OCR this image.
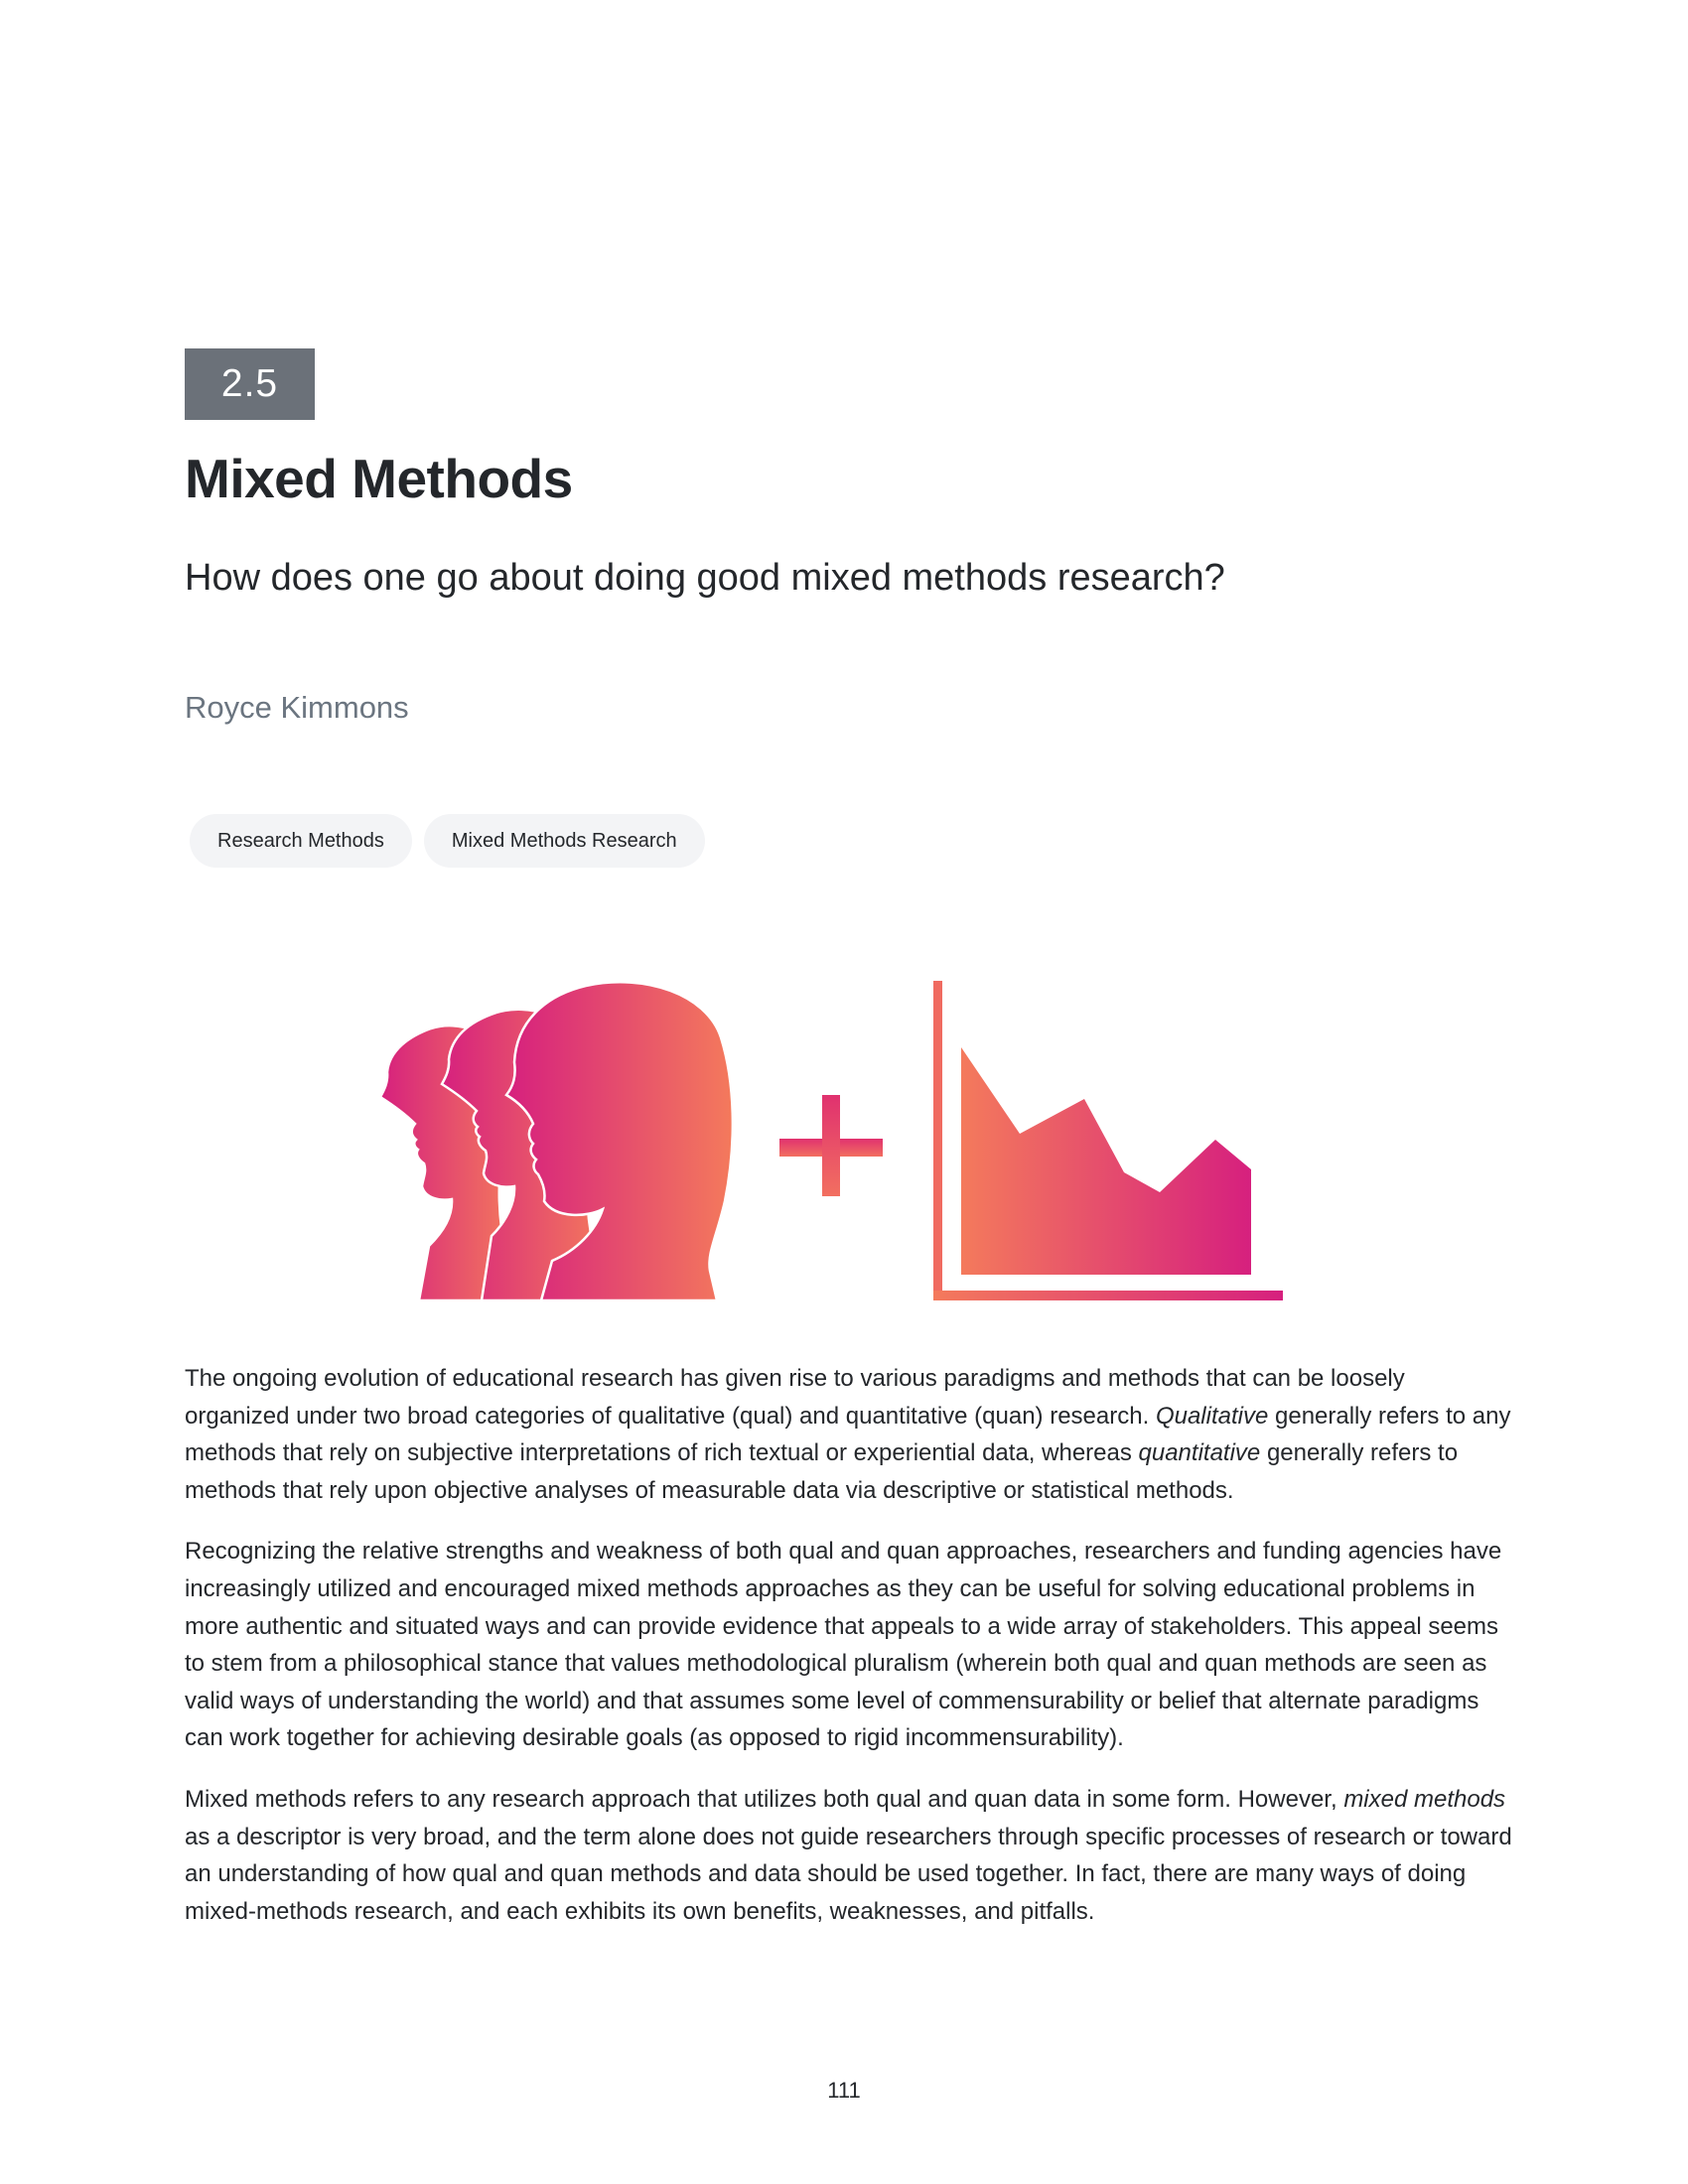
2.5
Mixed Methods
How does one go about doing good mixed methods research?
Royce Kimmons
Research Methods	Mixed Methods Research

The ongoing evolution of educational research has given rise to various paradigms and methods that can be loosely organized under two broad categories of qualitative (qual) and quantitative (quan) research. Qualitative generally refers to any methods that rely on subjective interpretations of rich textual or experiential data, whereas quantitative generally refers to methods that rely upon objective analyses of measurable data via descriptive or statistical methods.

Recognizing the relative strengths and weakness of both qual and quan approaches, researchers and funding agencies have increasingly utilized and encouraged mixed methods approaches as they can be useful for solving educational problems in more authentic and situated ways and can provide evidence that appeals to a wide array of stakeholders. This appeal seems to stem from a philosophical stance that values methodological pluralism (wherein both qual and quan methods are seen as valid ways of understanding the world) and that assumes some level of commensurability or belief that alternate paradigms can work together for achieving desirable goals (as opposed to rigid incommensurability).

Mixed methods refers to any research approach that utilizes both qual and quan data in some form. However, mixed methods as a descriptor is very broad, and the term alone does not guide researchers through specific processes of research or toward an understanding of how qual and quan methods and data should be used together. In fact, there are many ways of doing mixed-methods research, and each exhibits its own benefits, weaknesses, and pitfalls.

111
